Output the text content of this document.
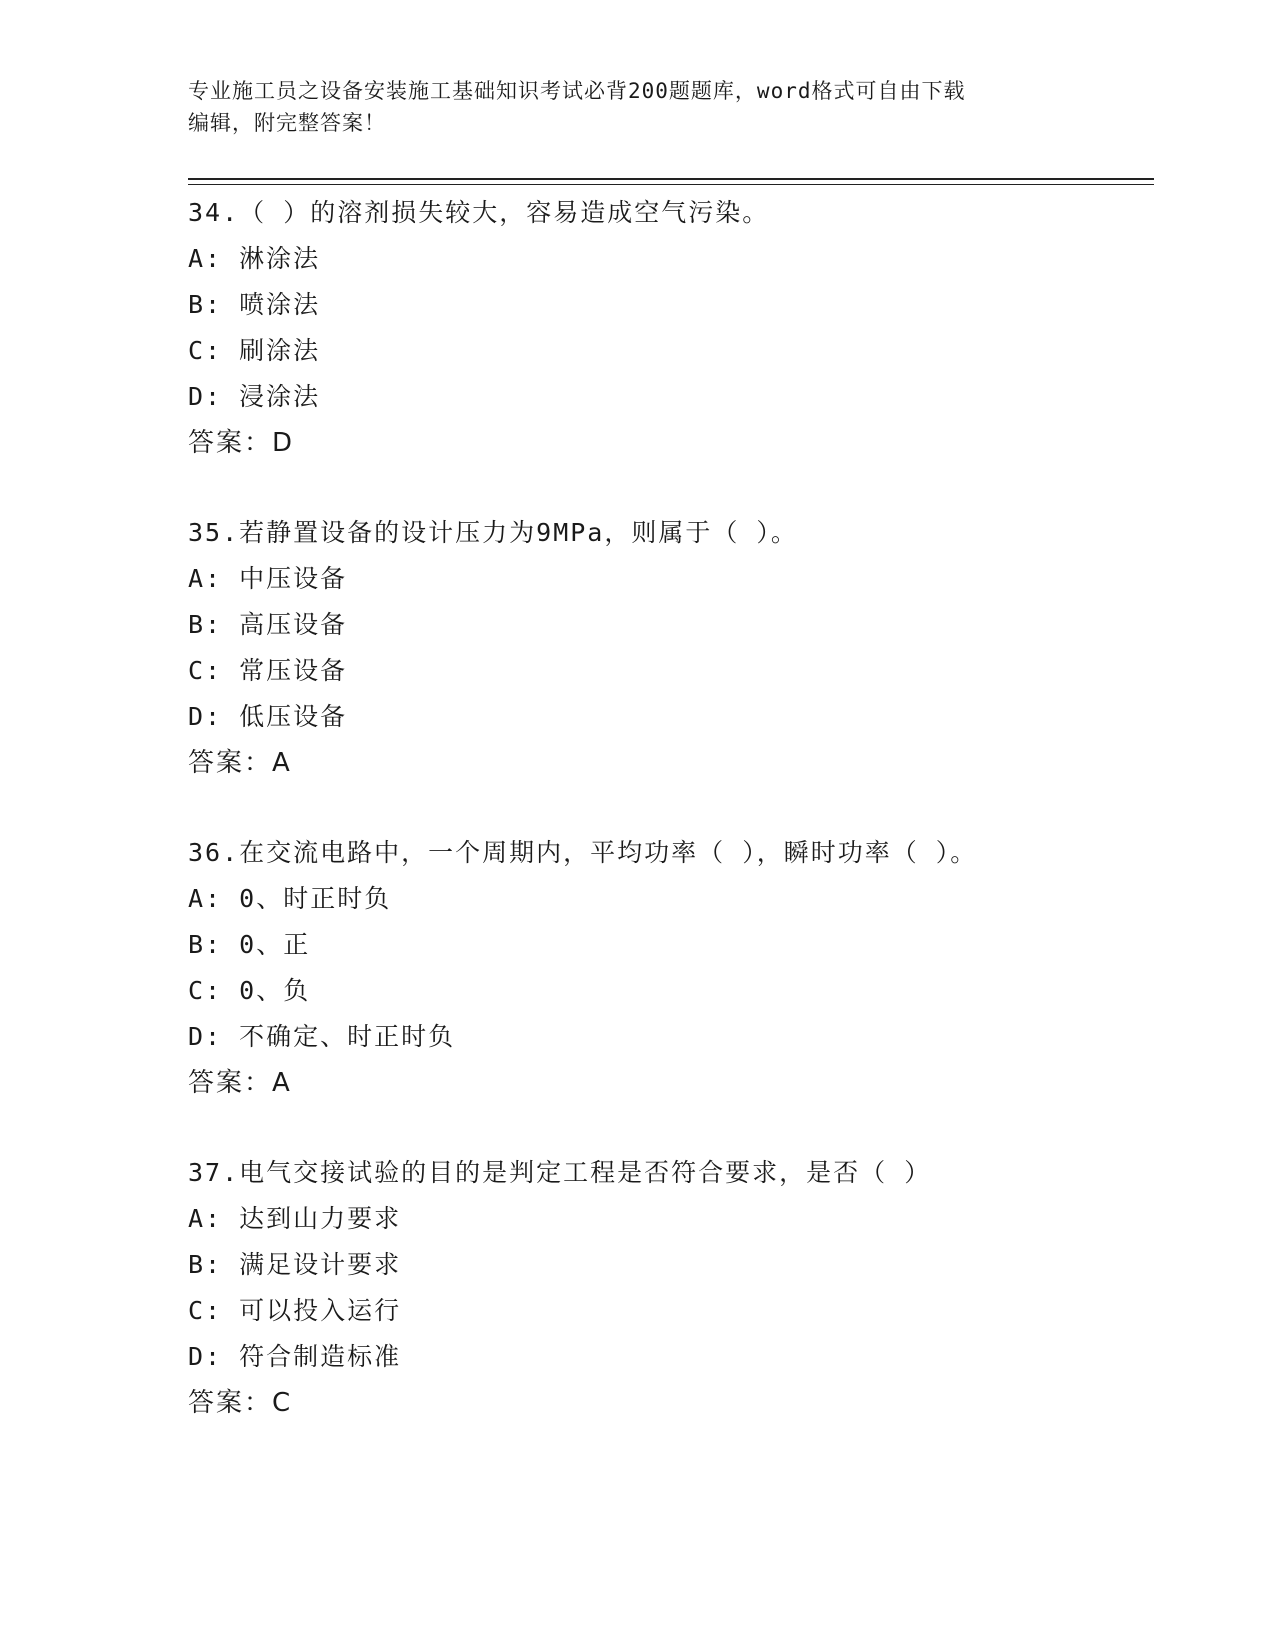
专业施工员之设备安装施工基础知识考试必背200题题库，word格式可自由下载
编辑，附完整答案！
34.（ ）的溶剂损失较大，容易造成空气污染。
A: 淋涂法
B: 喷涂法
C: 刷涂法
D: 浸涂法
答案：D
35.若静置设备的设计压力为9MPa，则属于（ ）。
A: 中压设备
B: 高压设备
C: 常压设备
D: 低压设备
答案：A
36.在交流电路中，一个周期内，平均功率（ ），瞬时功率（ ）。
A: 0、时正时负
B: 0、正
C: 0、负
D: 不确定、时正时负
答案：A
37.电气交接试验的目的是判定工程是否符合要求，是否（ ）
A: 达到山力要求
B: 满足设计要求
C: 可以投入运行
D: 符合制造标准
答案：C
